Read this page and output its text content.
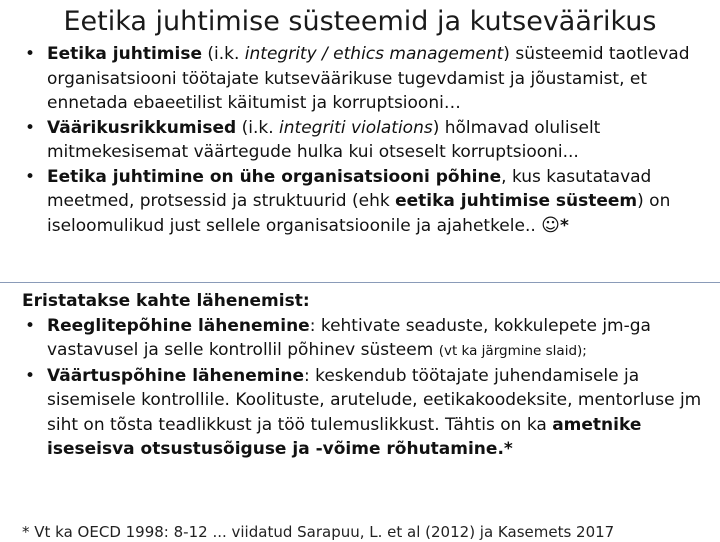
Eetika juhtimise süsteemid ja kutseväärikus
• Eetika juhtimise (i.k. integrity / ethics management) süsteemid taotlevad organisatsiooni töötajate kutseväärikuse tugevdamist ja jõustamist, et ennetada ebaeetilist käitumist ja korruptsiooni…
• Väärikusrikkumised (i.k. integriti violations) hõlmavad oluliselt mitmekesisemat väärtegude hulka kui otseselt korruptsiooni...
• Eetika juhtimine on ühe organisatsiooni põhine, kus kasutatavad meetmed, protsessid ja struktuurid (ehk eetika juhtimise süsteem) on iseloomulikud just sellele organisatsioonile ja ajahetkele.. ☺*

Eristatakse kahte lähenemist:

• Reeglitepõhine lähenemine: kehtivate seaduste, kokkulepete jm-ga vastavusel ja selle kontrollil põhinev süsteem (vt ka järgmine slaid);
• Väärtuspõhine lähenemine: keskendub töötajate juhendamisele ja sisemisele kontrollile. Koolituste, arutelude, eetikakoodeksite, mentorluse jm siht on tõsta teadlikkust ja töö tulemuslikkust. Tähtis on ka ametnike iseseisva otsustusõiguse ja -võime rõhutamine.*
* Vt ka OECD 1998: 8-12 ... viidatud Sarapuu, L. et al (2012) ja Kasemets 2017
